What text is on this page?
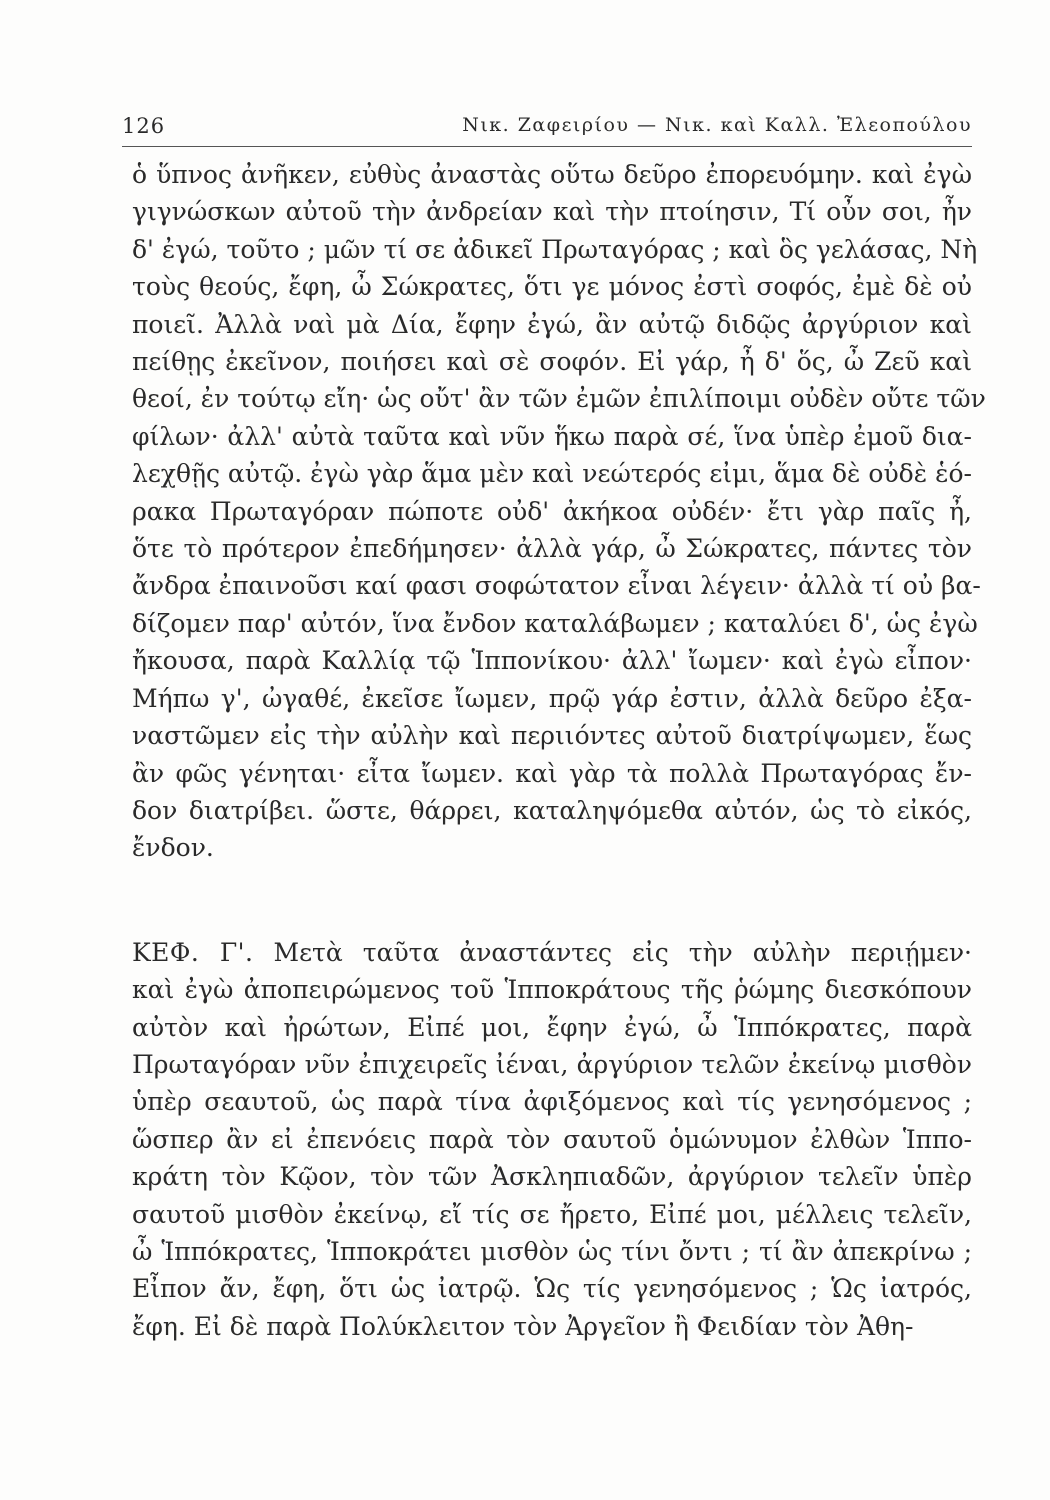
126	Νικ. Ζαφειρίου — Νικ. καὶ Καλλ. Ἐλεοπούλου

ὁ ὕπνος ἀνῆκεν, εὐθὺς ἀναστὰς οὕτω δεῦρο ἐπορευόμην. καὶ ἐγὼ
γιγνώσκων αὐτοῦ τὴν ἀνδρείαν καὶ τὴν πτοίησιν, Τί οὖν σοι, ἦν
δ' ἐγώ, τοῦτο ; μῶν τί σε ἀδικεῖ Πρωταγόρας ; καὶ ὃς γελάσας, Νὴ
τοὺς θεούς, ἔφη, ὦ Σώκρατες, ὅτι γε μόνος ἐστὶ σοφός, ἐμὲ δὲ οὐ
ποιεῖ. Ἀλλὰ ναὶ μὰ Δία, ἔφην ἐγώ, ἂν αὐτῷ διδῷς ἀργύριον καὶ
πείθῃς ἐκεῖνον, ποιήσει καὶ σὲ σοφόν. Εἰ γάρ, ἦ δ' ὅς, ὦ Ζεῦ καὶ
θεοί, ἐν τούτῳ εἴη· ὡς οὔτ' ἂν τῶν ἐμῶν ἐπιλίποιμι οὐδὲν οὔτε τῶν
φίλων· ἀλλ' αὐτὰ ταῦτα καὶ νῦν ἥκω παρὰ σέ, ἵνα ὑπὲρ ἐμοῦ δια-
λεχθῇς αὐτῷ. ἐγὼ γὰρ ἅμα μὲν καὶ νεώτερός εἰμι, ἅμα δὲ οὐδὲ ἑό-
ρακα Πρωταγόραν πώποτε οὐδ' ἀκήκοα οὐδέν· ἔτι γὰρ παῖς ἦ,
ὅτε τὸ πρότερον ἐπεδήμησεν· ἀλλὰ γάρ, ὦ Σώκρατες, πάντες τὸν
ἄνδρα ἐπαινοῦσι καί φασι σοφώτατον εἶναι λέγειν· ἀλλὰ τί οὐ βα-
δίζομεν παρ' αὐτόν, ἵνα ἔνδον καταλάβωμεν ; καταλύει δ', ὡς ἐγὼ
ἤκουσα, παρὰ Καλλίᾳ τῷ Ἱππονίκου· ἀλλ' ἴωμεν· καὶ ἐγὼ εἶπον·
Μήπω γ', ὠγαθέ, ἐκεῖσε ἴωμεν, πρῷ γάρ ἐστιν, ἀλλὰ δεῦρο ἐξα-
ναστῶμεν εἰς τὴν αὐλὴν καὶ περιιόντες αὐτοῦ διατρίψωμεν, ἕως
ἂν φῶς γένηται· εἶτα ἴωμεν. καὶ γὰρ τὰ πολλὰ Πρωταγόρας ἔν-
δον διατρίβει. ὥστε, θάρρει, καταληψόμεθα αὐτόν, ὡς τὸ εἰκός,
ἔνδον.

ΚΕΦ. Γ'. Μετὰ ταῦτα ἀναστάντες εἰς τὴν αὐλὴν περιῄμεν·
καὶ ἐγὼ ἀποπειρώμενος τοῦ Ἱπποκράτους τῆς ῥώμης διεσκόπουν
αὐτὸν καὶ ἠρώτων, Εἰπέ μοι, ἔφην ἐγώ, ὦ Ἱππόκρατες, παρὰ
Πρωταγόραν νῦν ἐπιχειρεῖς ἰέναι, ἀργύριον τελῶν ἐκείνῳ μισθὸν
ὑπὲρ σεαυτοῦ, ὡς παρὰ τίνα ἀφιξόμενος καὶ τίς γενησόμενος ;
ὥσπερ ἂν εἰ ἐπενόεις παρὰ τὸν σαυτοῦ ὁμώνυμον ἐλθὼν Ἱππο-
κράτη τὸν Κῷον, τὸν τῶν Ἀσκληπιαδῶν, ἀργύριον τελεῖν ὑπὲρ
σαυτοῦ μισθὸν ἐκείνῳ, εἴ τίς σε ἤρετο, Εἰπέ μοι, μέλλεις τελεῖν,
ὦ Ἱππόκρατες, Ἱπποκράτει μισθὸν ὡς τίνι ὄντι ; τί ἂν ἀπεκρίνω ;
Εἶπον ἄν, ἔφη, ὅτι ὡς ἰατρῷ. Ὡς τίς γενησόμενος ; Ὡς ἰατρός,
ἔφη. Εἰ δὲ παρὰ Πολύκλειτον τὸν Ἀργεῖον ἢ Φειδίαν τὸν Ἀθη-
